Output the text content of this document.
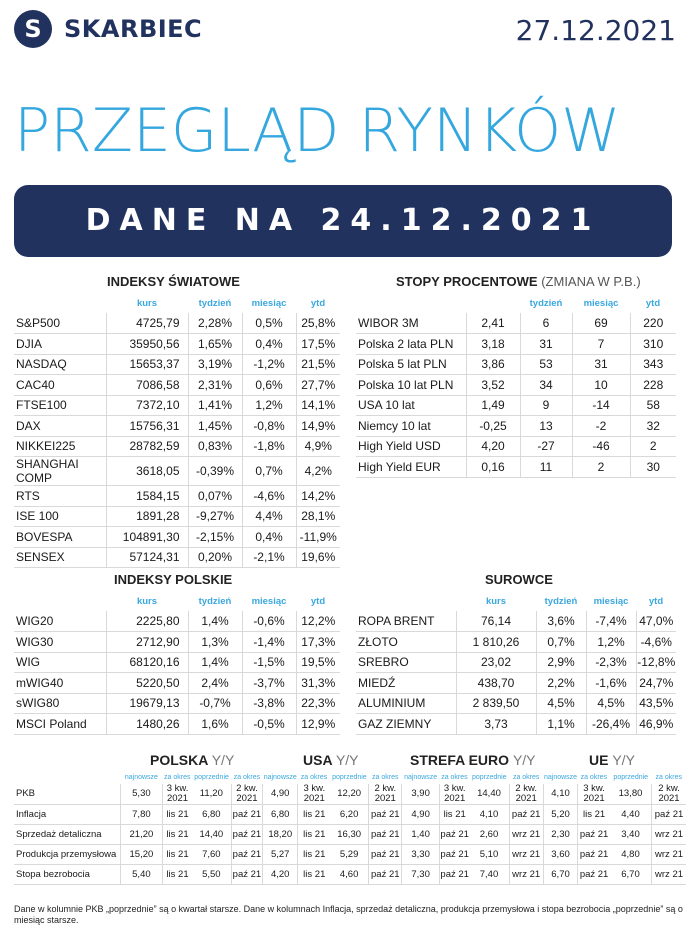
S SKARBIEC	27.12.2021
PRZEGLĄD RYNKÓW
DANE NA 24.12.2021
INDEKSY ŚWIATOWE
	kurs	tydzień	miesiąc	ytd
S&P500	4725,79	2,28%	0,5%	25,8%
DJIA	35950,56	1,65%	0,4%	17,5%
NASDAQ	15653,37	3,19%	-1,2%	21,5%
CAC40	7086,58	2,31%	0,6%	27,7%
FTSE100	7372,10	1,41%	1,2%	14,1%
DAX	15756,31	1,45%	-0,8%	14,9%
NIKKEI225	28782,59	0,83%	-1,8%	4,9%
SHANGHAI COMP	3618,05	-0,39%	0,7%	4,2%
RTS	1584,15	0,07%	-4,6%	14,2%
ISE 100	1891,28	-9,27%	4,4%	28,1%
BOVESPA	104891,30	-2,15%	0,4%	-11,9%
SENSEX	57124,31	0,20%	-2,1%	19,6%
STOPY PROCENTOWE (ZMIANA W P.B.)
		tydzień	miesiąc	ytd
WIBOR 3M	2,41	6	69	220
Polska 2 lata PLN	3,18	31	7	310
Polska 5 lat PLN	3,86	53	31	343
Polska 10 lat PLN	3,52	34	10	228
USA 10 lat	1,49	9	-14	58
Niemcy 10 lat	-0,25	13	-2	32
High Yield USD	4,20	-27	-46	2
High Yield EUR	0,16	11	2	30
INDEKSY POLSKIE
	kurs	tydzień	miesiąc	ytd
WIG20	2225,80	1,4%	-0,6%	12,2%
WIG30	2712,90	1,3%	-1,4%	17,3%
WIG	68120,16	1,4%	-1,5%	19,5%
mWIG40	5220,50	2,4%	-3,7%	31,3%
sWIG80	19679,13	-0,7%	-3,8%	22,3%
MSCI Poland	1480,26	1,6%	-0,5%	12,9%
SUROWCE
	kurs	tydzień	miesiąc	ytd
ROPA BRENT	76,14	3,6%	-7,4%	47,0%
ZŁOTO	1 810,26	0,7%	1,2%	-4,6%
SREBRO	23,02	2,9%	-2,3%	-12,8%
MIEDŹ	438,70	2,2%	-1,6%	24,7%
ALUMINIUM	2 839,50	4,5%	4,5%	43,5%
GAZ ZIEMNY	3,73	1,1%	-26,4%	46,9%
POLSKA Y/Y	USA Y/Y	STREFA EURO Y/Y	UE Y/Y
	najnowsze	za okres	poprzednie	za okres	najnowsze	za okres	poprzednie	za okres	najnowsze	za okres	poprzednie	za okres	najnowsze	za okres	poprzednie	za okres
PKB	5,30	3 kw. 2021	11,20	2 kw. 2021	4,90	3 kw. 2021	12,20	2 kw. 2021	3,90	3 kw. 2021	14,40	2 kw. 2021	4,10	3 kw. 2021	13,80	2 kw. 2021
Inflacja	7,80	lis 21	6,80	paź 21	6,80	lis 21	6,20	paź 21	4,90	lis 21	4,10	paź 21	5,20	lis 21	4,40	paź 21
Sprzedaż detaliczna	21,20	lis 21	14,40	paź 21	18,20	lis 21	16,30	paź 21	1,40	paź 21	2,60	wrz 21	2,30	paź 21	3,40	wrz 21
Produkcja przemysłowa	15,20	lis 21	7,60	paź 21	5,27	lis 21	5,29	paź 21	3,30	paź 21	5,10	wrz 21	3,60	paź 21	4,80	wrz 21
Stopa bezrobocia	5,40	lis 21	5,50	paź 21	4,20	lis 21	4,60	paź 21	7,30	paź 21	7,40	wrz 21	6,70	paź 21	6,70	wrz 21
Dane w kolumnie PKB „poprzednie” są o kwartał starsze. Dane w kolumnach Inflacja, sprzedaż detaliczna, produkcja przemysłowa i stopa bezrobocia „poprzednie” są o miesiąc starsze.
